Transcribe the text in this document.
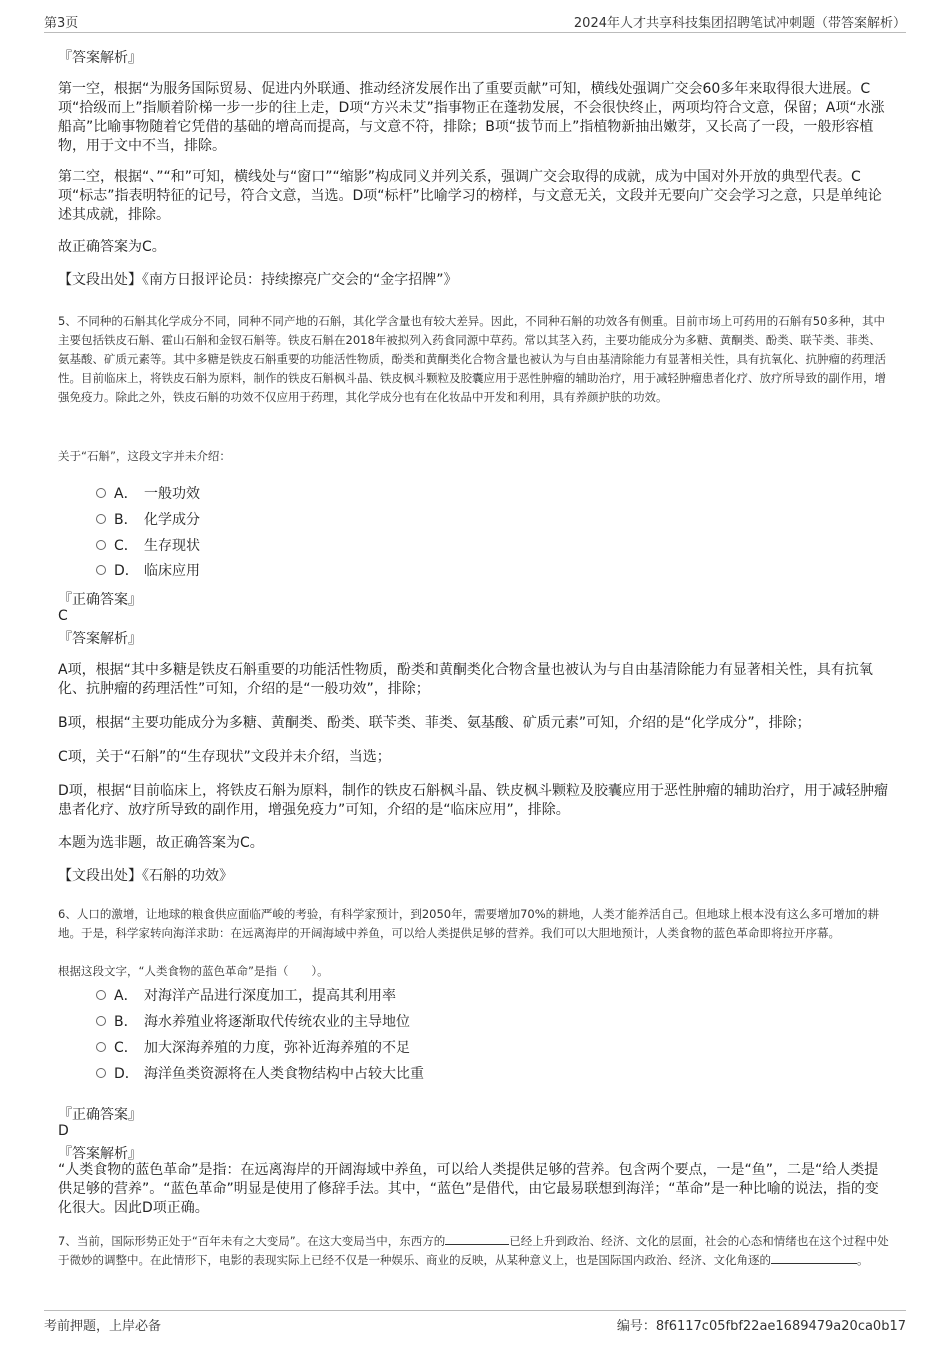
第3页	2024年人才共享科技集团招聘笔试冲刺题（带答案解析）
『答案解析』
第一空，根据“为服务国际贸易、促进内外联通、推动经济发展作出了重要贡献”可知，横线处强调广交会60多年来取得很大进展。C项“拾级而上”指顺着阶梯一步一步的往上走，D项“方兴未艾”指事物正在蓬勃发展，不会很快终止，两项均符合文意，保留；A项“水涨船高”比喻事物随着它凭借的基础的增高而提高，与文意不符，排除；B项“拔节而上”指植物新抽出嫩芽，又长高了一段，一般形容植物，用于文中不当，排除。
第二空，根据“、”“和”可知，横线处与“窗口”“缩影”构成同义并列关系，强调广交会取得的成就，成为中国对外开放的典型代表。C项“标志”指表明特征的记号，符合文意，当选。D项“标杆”比喻学习的榜样，与文意无关，文段并无要向广交会学习之意，只是单纯论述其成就，排除。
故正确答案为C。
【文段出处】《南方日报评论员：持续擦亮广交会的“金字招牌”》
5、不同种的石斛其化学成分不同，同种不同产地的石斛，其化学含量也有较大差异。因此，不同种石斛的功效各有侧重。目前市场上可药用的石斛有50多种，其中主要包括铁皮石斛、霍山石斛和金钗石斛等。铁皮石斛在2018年被拟列入药食同源中草药。常以其茎入药，主要功能成分为多糖、黄酮类、酚类、联苄类、菲类、氨基酸、矿质元素等。其中多糖是铁皮石斛重要的功能活性物质，酚类和黄酮类化合物含量也被认为与自由基清除能力有显著相关性，具有抗氧化、抗肿瘤的药理活性。目前临床上，将铁皮石斛为原料，制作的铁皮石斛枫斗晶、铁皮枫斗颗粒及胶囊应用于恶性肿瘤的辅助治疗，用于减轻肿瘤患者化疗、放疗所导致的副作用，增强免疫力。除此之外，铁皮石斛的功效不仅应用于药理，其化学成分也有在化妆品中开发和利用，具有养颜护肤的功效。
关于“石斛”，这段文字并未介绍：
A． 一般功效
B． 化学成分
C． 生存现状
D． 临床应用
『正确答案』
C
『答案解析』
A项，根据“其中多糖是铁皮石斛重要的功能活性物质，酚类和黄酮类化合物含量也被认为与自由基清除能力有显著相关性，具有抗氧化、抗肿瘤的药理活性”可知，介绍的是“一般功效”，排除；
B项，根据“主要功能成分为多糖、黄酮类、酚类、联苄类、菲类、氨基酸、矿质元素”可知，介绍的是“化学成分”，排除；
C项，关于“石斛”的“生存现状”文段并未介绍，当选；
D项，根据“目前临床上，将铁皮石斛为原料，制作的铁皮石斛枫斗晶、铁皮枫斗颗粒及胶囊应用于恶性肿瘤的辅助治疗，用于减轻肿瘤患者化疗、放疗所导致的副作用，增强免疫力”可知，介绍的是“临床应用”，排除。
本题为选非题，故正确答案为C。
【文段出处】《石斛的功效》
6、人口的激增，让地球的粮食供应面临严峻的考验，有科学家预计，到2050年，需要增加70%的耕地，人类才能养活自己。但地球上根本没有这么多可增加的耕地。于是，科学家转向海洋求助：在远离海岸的开阔海域中养鱼，可以给人类提供足够的营养。我们可以大胆地预计，人类食物的蓝色革命即将拉开序幕。
根据这段文字，“人类食物的蓝色革命”是指（　　）。
A． 对海洋产品进行深度加工，提高其利用率
B． 海水养殖业将逐渐取代传统农业的主导地位
C． 加大深海养殖的力度，弥补近海养殖的不足
D． 海洋鱼类资源将在人类食物结构中占较大比重
『正确答案』
D
『答案解析』
“人类食物的蓝色革命”是指：在远离海岸的开阔海域中养鱼，可以给人类提供足够的营养。包含两个要点，一是“鱼”，二是“给人类提供足够的营养”。“蓝色革命”明显是使用了修辞手法。其中，“蓝色”是借代，由它最易联想到海洋；“革命”是一种比喻的说法，指的变化很大。因此D项正确。
7、当前，国际形势正处于“百年未有之大变局”。在这大变局当中，东西方的	已经上升到政治、经济、文化的层面，社会的心态和情绪也在这个过程中处于微妙的调整中。在此情形下，电影的表现实际上已经不仅是一种娱乐、商业的反映，从某种意义上，也是国际国内政治、经济、文化角逐的	。
考前押题，上岸必备	编号：8f6117c05fbf22ae1689479a20ca0b17
